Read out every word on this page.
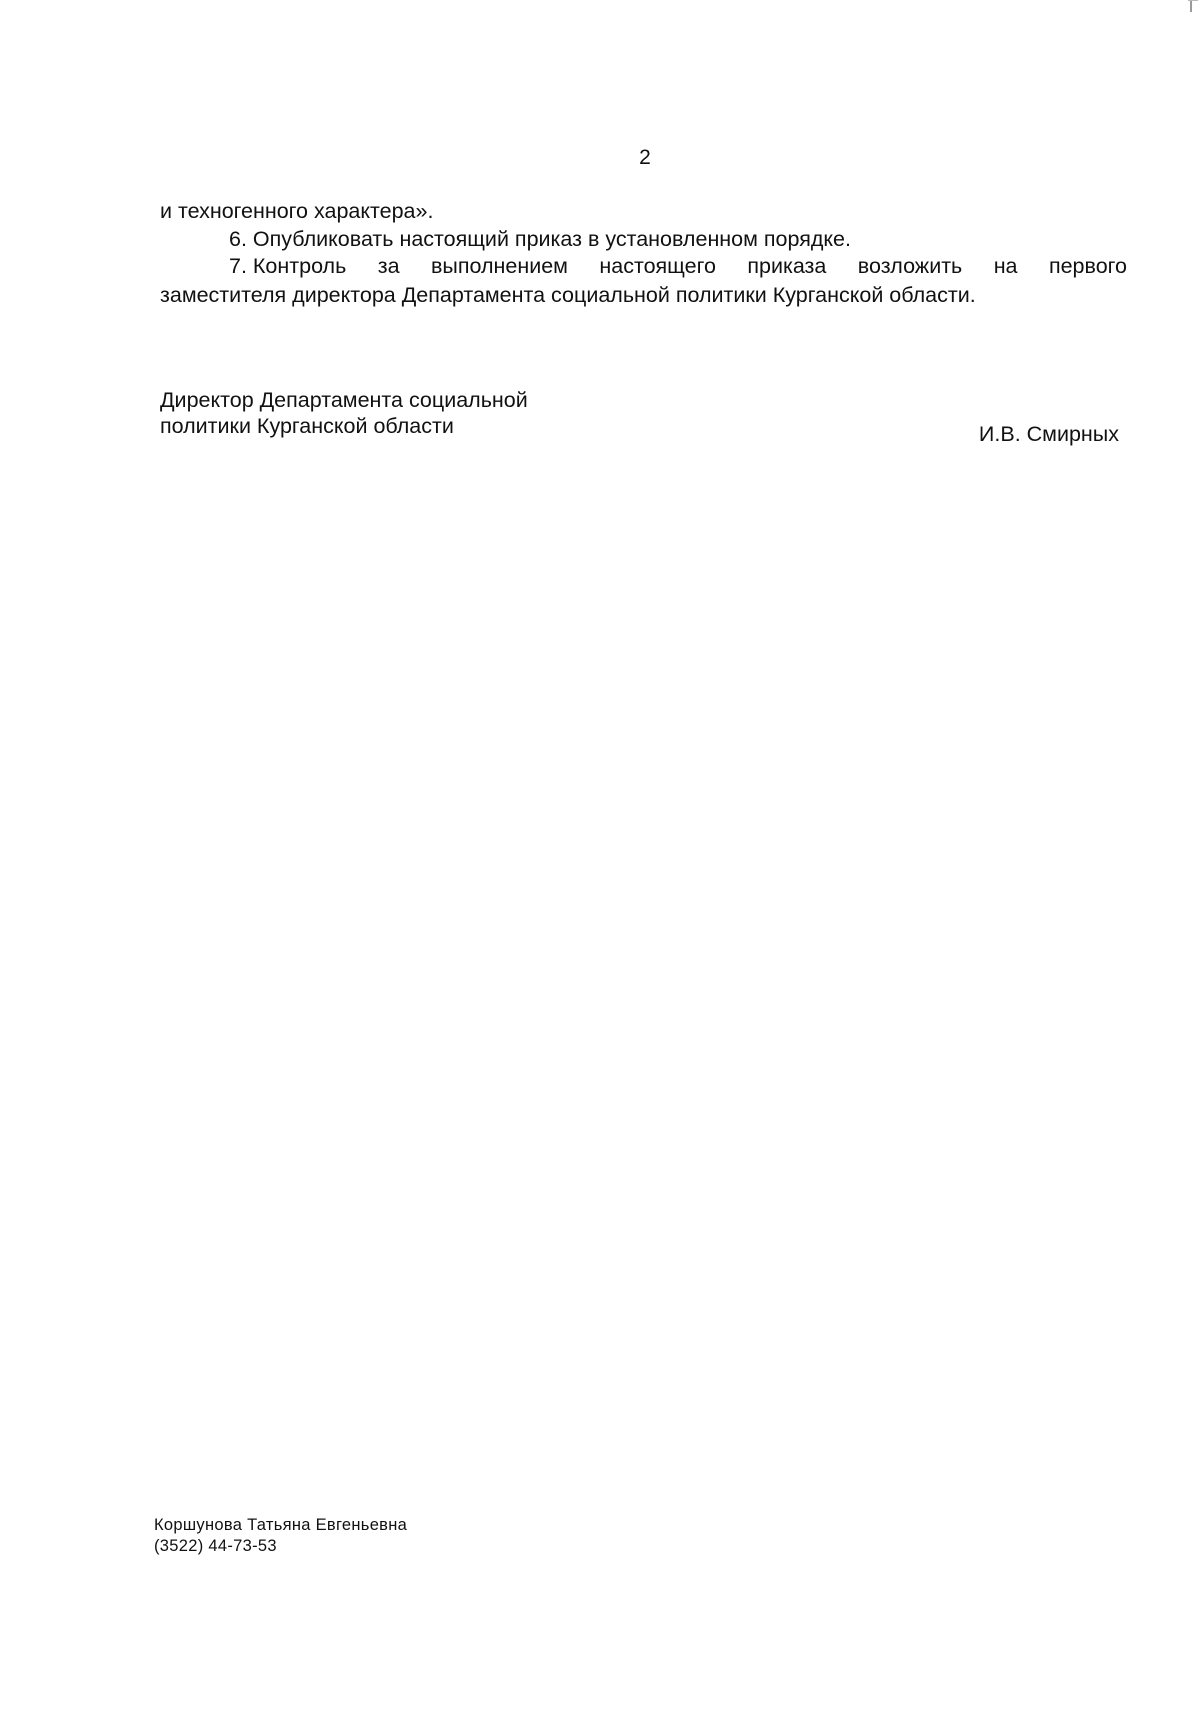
2
и техногенного характера».
6. Опубликовать настоящий приказ в установленном порядке.
7. Контроль за выполнением настоящего приказа возложить на первого
заместителя директора Департамента социальной политики Курганской области.
Директор Департамента социальной
политики Курганской области	И.В. Смирных
Коршунова Татьяна Евгеньевна
(3522) 44-73-53
